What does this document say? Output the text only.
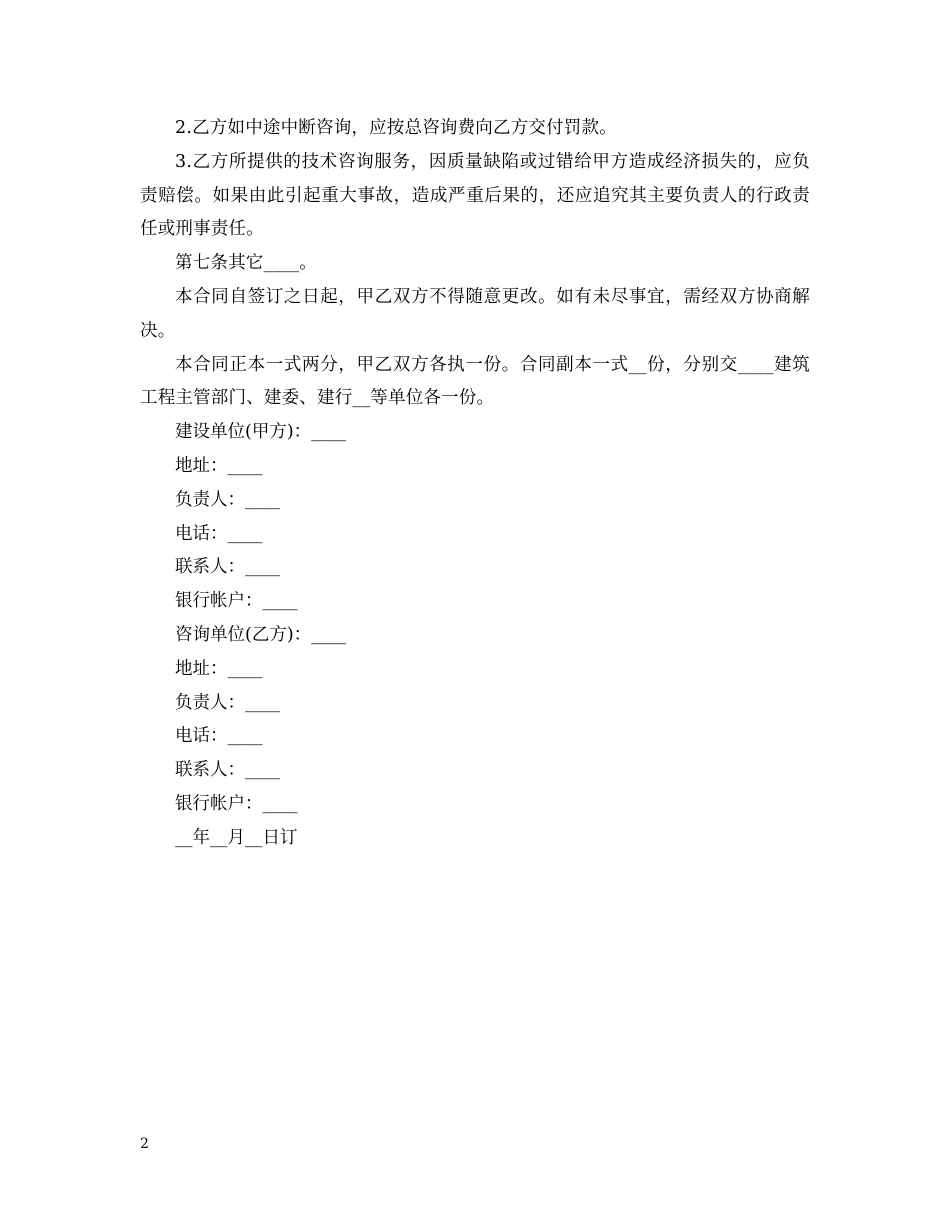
2.乙方如中途中断咨询，应按总咨询费向乙方交付罚款。

3.乙方所提供的技术咨询服务，因质量缺陷或过错给甲方造成经济损失的，应负责赔偿。如果由此引起重大事故，造成严重后果的，还应追究其主要负责人的行政责任或刑事责任。

第七条其它____。

本合同自签订之日起，甲乙双方不得随意更改。如有未尽事宜，需经双方协商解决。

本合同正本一式两分，甲乙双方各执一份。合同副本一式__份，分别交____建筑工程主管部门、建委、建行__等单位各一份。

建设单位(甲方)：____

地址：____

负责人：____

电话：____

联系人：____

银行帐户：____

咨询单位(乙方)：____

地址：____

负责人：____

电话：____

联系人：____

银行帐户：____

__年__月__日订

2
